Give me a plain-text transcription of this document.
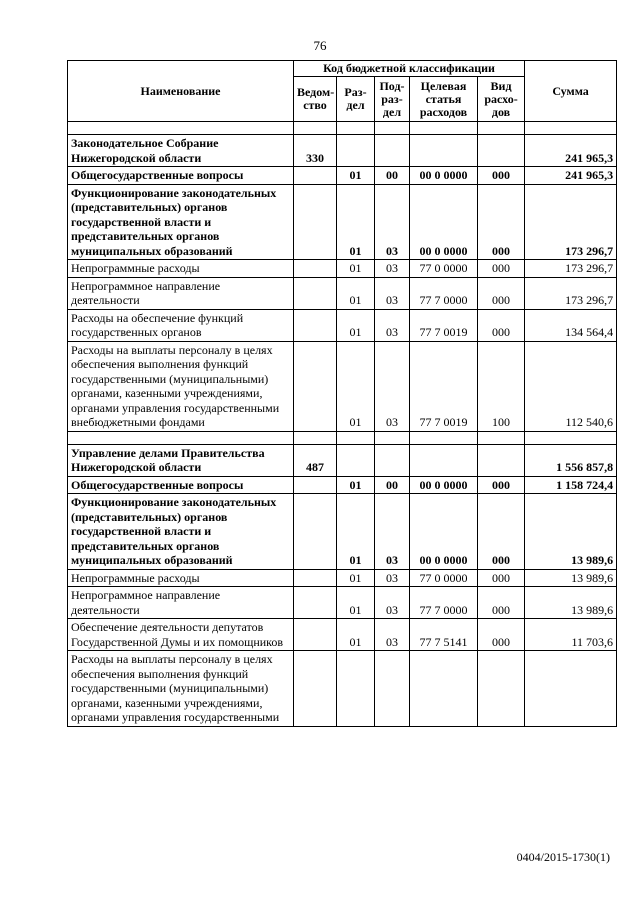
76
Наименование	Код бюджетной классификации					Сумма
	Ведом-ство	Раз-дел	Под-раз-дел	Целевая статья расходов	Вид расхо-дов	

Законодательное Собрание Нижегородской области	330					241 965,3
Общегосударственные вопросы		01	00	00 0 0000	000	241 965,3
Функционирование законодательных (представительных) органов государственной власти и представительных органов муниципальных образований		01	03	00 0 0000	000	173 296,7
Непрограммные расходы		01	03	77 0 0000	000	173 296,7
Непрограммное направление деятельности		01	03	77 7 0000	000	173 296,7
Расходы на обеспечение функций государственных органов		01	03	77 7 0019	000	134 564,4
Расходы на выплаты персоналу в целях обеспечения выполнения функций государственными (муниципальными) органами, казенными учреждениями, органами управления государственными внебюджетными фондами		01	03	77 7 0019	100	112 540,6

Управление делами Правительства Нижегородской области	487					1 556 857,8
Общегосударственные вопросы		01	00	00 0 0000	000	1 158 724,4
Функционирование законодательных (представительных) органов государственной власти и представительных органов муниципальных образований		01	03	00 0 0000	000	13 989,6
Непрограммные расходы		01	03	77 0 0000	000	13 989,6
Непрограммное направление деятельности		01	03	77 7 0000	000	13 989,6
Обеспечение деятельности депутатов Государственной Думы и их помощников		01	03	77 7 5141	000	11 703,6
Расходы на выплаты персоналу в целях обеспечения выполнения функций государственными (муниципальными) органами, казенными учреждениями, органами управления государственными						
0404/2015-1730(1)
